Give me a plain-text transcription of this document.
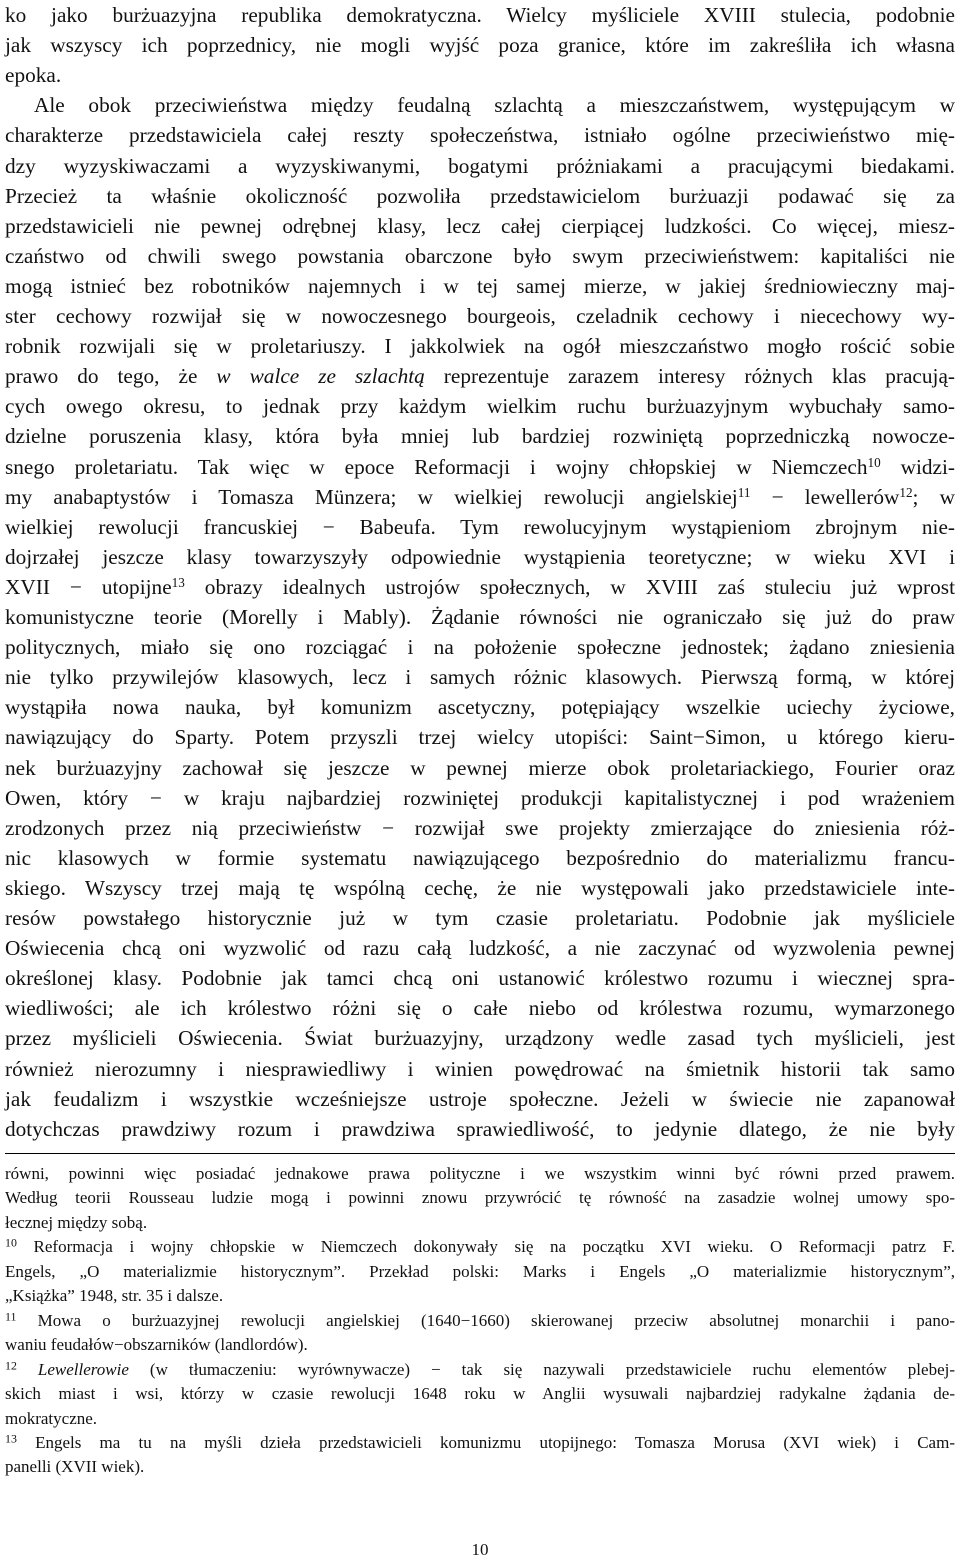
ko jako burżuazyjna republika demokratyczna. Wielcy myśliciele XVIII stulecia, podobnie
jak wszyscy ich poprzednicy, nie mogli wyjść poza granice, które im zakreśliła ich własna
epoka.
Ale obok przeciwieństwa między feudalną szlachtą a mieszczaństwem, występującym w
charakterze przedstawiciela całej reszty społeczeństwa, istniało ogólne przeciwieństwo mię-
dzy wyzyskiwaczami a wyzyskiwanymi, bogatymi próżniakami a pracującymi biedakami.
Przecież ta właśnie okoliczność pozwoliła przedstawicielom burżuazji podawać się za
przedstawicieli nie pewnej odrębnej klasy, lecz całej cierpiącej ludzkości. Co więcej, miesz-
czaństwo od chwili swego powstania obarczone było swym przeciwieństwem: kapitaliści nie
mogą istnieć bez robotników najemnych i w tej samej mierze, w jakiej średniowieczny maj-
ster cechowy rozwijał się w nowoczesnego bourgeois, czeladnik cechowy i niecechowy wy-
robnik rozwijali się w proletariuszy. I jakkolwiek na ogół mieszczaństwo mogło rościć sobie
prawo do tego, że w walce ze szlachtą reprezentuje zarazem interesy różnych klas pracują-
cych owego okresu, to jednak przy każdym wielkim ruchu burżuazyjnym wybuchały samo-
dzielne poruszenia klasy, która była mniej lub bardziej rozwiniętą poprzedniczką nowocze-
snego proletariatu. Tak więc w epoce Reformacji i wojny chłopskiej w Niemczech$^{10}$ widzi-
my anabaptystów i Tomasza Münzera; w wielkiej rewolucji angielskiej$^{11}$ − lewellerów$^{12}$; w
wielkiej rewolucji francuskiej − Babeufa. Tym rewolucyjnym wystąpieniom zbrojnym nie-
dojrzałej jeszcze klasy towarzyszyły odpowiednie wystąpienia teoretyczne; w wieku XVI i
XVII − utopijne$^{13}$ obrazy idealnych ustrojów społecznych, w XVIII zaś stuleciu już wprost
komunistyczne teorie (Morelly i Mably). Żądanie równości nie ograniczało się już do praw
politycznych, miało się ono rozciągać i na położenie społeczne jednostek; żądano zniesienia
nie tylko przywilejów klasowych, lecz i samych różnic klasowych. Pierwszą formą, w której
wystąpiła nowa nauka, był komunizm ascetyczny, potępiający wszelkie uciechy życiowe,
nawiązujący do Sparty. Potem przyszli trzej wielcy utopiści: Saint−Simon, u którego kieru-
nek burżuazyjny zachował się jeszcze w pewnej mierze obok proletariackiego, Fourier oraz
Owen, który − w kraju najbardziej rozwiniętej produkcji kapitalistycznej i pod wrażeniem
zrodzonych przez nią przeciwieństw − rozwijał swe projekty zmierzające do zniesienia róż-
nic klasowych w formie systematu nawiązującego bezpośrednio do materializmu francu-
skiego. Wszyscy trzej mają tę wspólną cechę, że nie występowali jako przedstawiciele inte-
resów powstałego historycznie już w tym czasie proletariatu. Podobnie jak myśliciele
Oświecenia chcą oni wyzwolić od razu całą ludzkość, a nie zaczynać od wyzwolenia pewnej
określonej klasy. Podobnie jak tamci chcą oni ustanowić królestwo rozumu i wiecznej spra-
wiedliwości; ale ich królestwo różni się o całe niebo od królestwa rozumu, wymarzonego
przez myślicieli Oświecenia. Świat burżuazyjny, urządzony wedle zasad tych myślicieli, jest
również nierozumny i niesprawiedliwy i winien powędrować na śmietnik historii tak samo
jak feudalizm i wszystkie wcześniejsze ustroje społeczne. Jeżeli w świecie nie zapanował
dotychczas prawdziwy rozum i prawdziwa sprawiedliwość, to jedynie dlatego, że nie były
równi, powinni więc posiadać jednakowe prawa polityczne i we wszystkim winni być równi przed prawem.
Według teorii Rousseau ludzie mogą i powinni znowu przywrócić tę równość na zasadzie wolnej umowy spo-
łecznej między sobą.
$^{10}$ Reformacja i wojny chłopskie w Niemczech dokonywały się na początku XVI wieku. O Reformacji patrz F.
Engels, „O materializmie historycznym”. Przekład polski: Marks i Engels „O materializmie historycznym”,
„Książka” 1948, str. 35 i dalsze.
$^{11}$ Mowa o burżuazyjnej rewolucji angielskiej (1640−1660) skierowanej przeciw absolutnej monarchii i pano-
waniu feudałów−obszarników (landlordów).
$^{12}$ Lewellerowie (w tłumaczeniu: wyrównywacze) − tak się nazywali przedstawiciele ruchu elementów plebej-
skich miast i wsi, którzy w czasie rewolucji 1648 roku w Anglii wysuwali najbardziej radykalne żądania de-
mokratyczne.
$^{13}$ Engels ma tu na myśli dzieła przedstawicieli komunizmu utopijnego: Tomasza Morusa (XVI wiek) i Cam-
panelli (XVII wiek).
10
